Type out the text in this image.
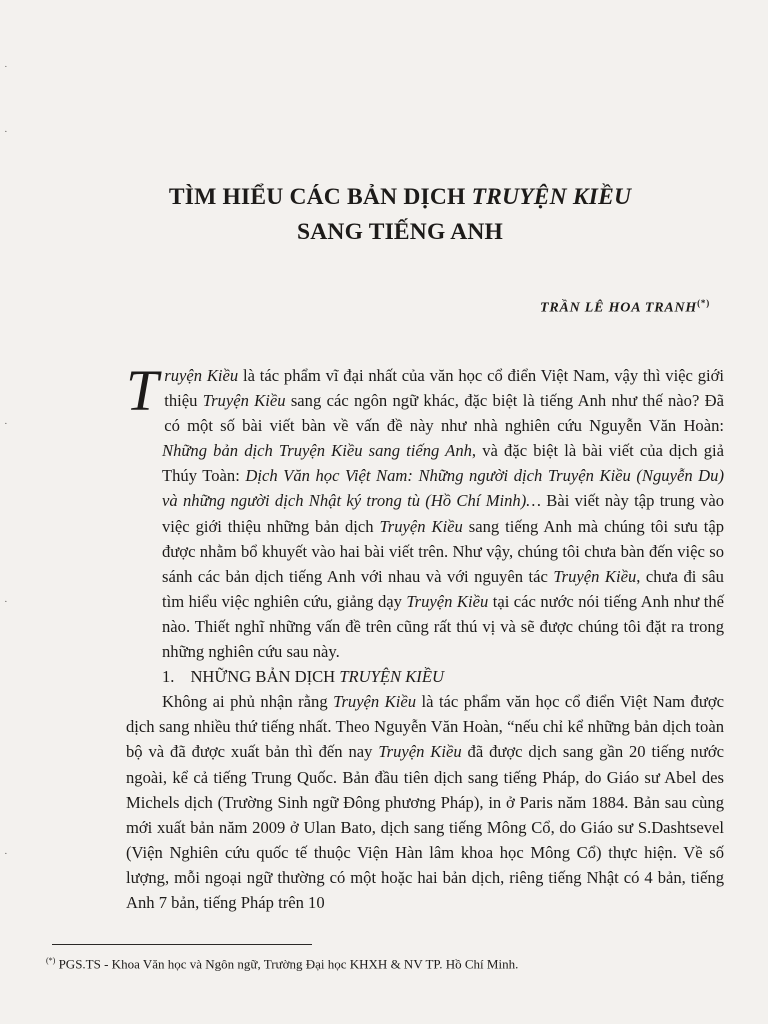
˙
·
·
·
·
TÌM HIỂU CÁC BẢN DỊCH TRUYỆN KIỀU
SANG TIẾNG ANH
TRẦN LÊ HOA TRANH(*)

Truyện Kiều là tác phẩm vĩ đại nhất của văn học cổ điển Việt Nam, vậy thì việc giới thiệu Truyện Kiều sang các ngôn ngữ khác, đặc biệt là tiếng Anh như thế nào? Đã có một số bài viết bàn về vấn đề này như nhà nghiên cứu Nguyễn Văn Hoàn: Những bản dịch Truyện Kiều sang tiếng Anh, và đặc biệt là bài viết của dịch giả Thúy Toàn: Dịch Văn học Việt Nam: Những người dịch Truyện Kiều (Nguyễn Du) và những người dịch Nhật ký trong tù (Hồ Chí Minh)… Bài viết này tập trung vào việc giới thiệu những bản dịch Truyện Kiều sang tiếng Anh mà chúng tôi sưu tập được nhằm bổ khuyết vào hai bài viết trên. Như vậy, chúng tôi chưa bàn đến việc so sánh các bản dịch tiếng Anh với nhau và với nguyên tác Truyện Kiều, chưa đi sâu tìm hiểu việc nghiên cứu, giảng dạy Truyện Kiều tại các nước nói tiếng Anh như thế nào. Thiết nghĩ những vấn đề trên cũng rất thú vị và sẽ được chúng tôi đặt ra trong những nghiên cứu sau này.

1. NHỮNG BẢN DỊCH TRUYỆN KIỀU

Không ai phủ nhận rằng Truyện Kiều là tác phẩm văn học cổ điển Việt Nam được dịch sang nhiều thứ tiếng nhất. Theo Nguyễn Văn Hoàn, “nếu chỉ kể những bản dịch toàn bộ và đã được xuất bản thì đến nay Truyện Kiều đã được dịch sang gần 20 tiếng nước ngoài, kể cả tiếng Trung Quốc. Bản đầu tiên dịch sang tiếng Pháp, do Giáo sư Abel des Michels dịch (Trường Sinh ngữ Đông phương Pháp), in ở Paris năm 1884. Bản sau cùng mới xuất bản năm 2009 ở Ulan Bato, dịch sang tiếng Mông Cổ, do Giáo sư S.Dashtsevel (Viện Nghiên cứu quốc tế thuộc Viện Hàn lâm khoa học Mông Cổ) thực hiện. Về số lượng, mỗi ngoại ngữ thường có một hoặc hai bản dịch, riêng tiếng Nhật có 4 bản, tiếng Anh 7 bản, tiếng Pháp trên 10

(*) PGS.TS - Khoa Văn học và Ngôn ngữ, Trường Đại học KHXH & NV TP. Hồ Chí Minh.
